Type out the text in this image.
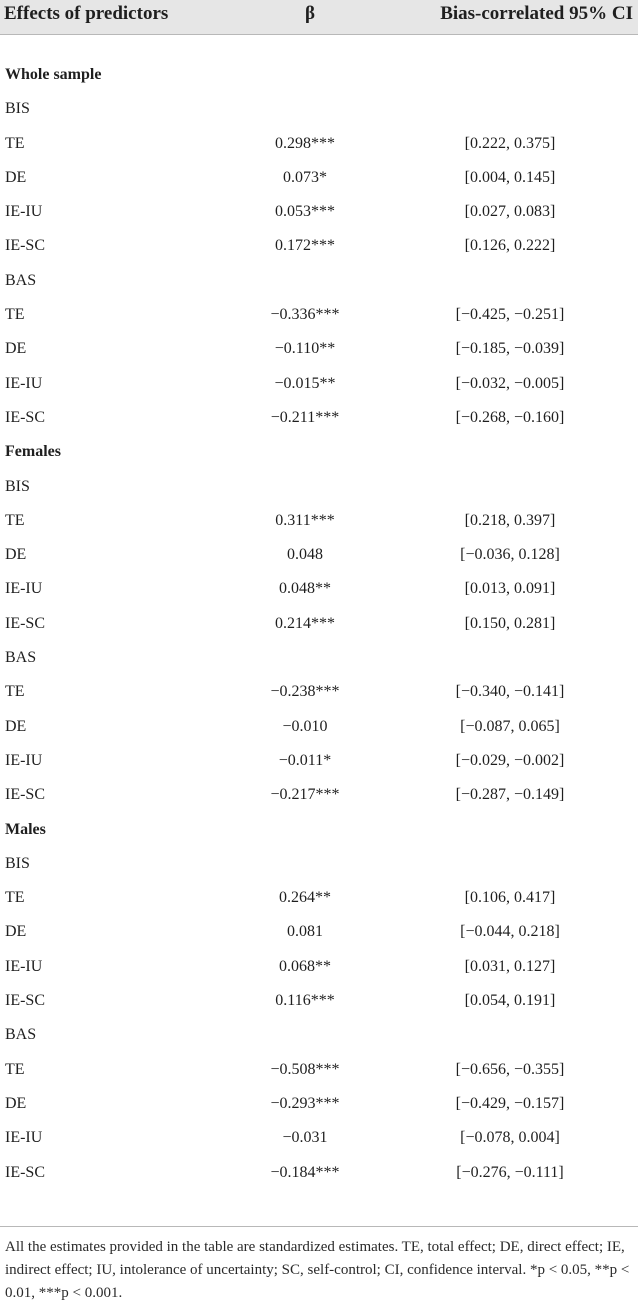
Effects of predictors	β	Bias-correlated 95% CI
Whole sample
BIS
TE	0.298***	[0.222, 0.375]
DE	0.073*	[0.004, 0.145]
IE-IU	0.053***	[0.027, 0.083]
IE-SC	0.172***	[0.126, 0.222]
BAS
TE	−0.336***	[−0.425, −0.251]
DE	−0.110**	[−0.185, −0.039]
IE-IU	−0.015**	[−0.032, −0.005]
IE-SC	−0.211***	[−0.268, −0.160]
Females
BIS
TE	0.311***	[0.218, 0.397]
DE	0.048	[−0.036, 0.128]
IE-IU	0.048**	[0.013, 0.091]
IE-SC	0.214***	[0.150, 0.281]
BAS
TE	−0.238***	[−0.340, −0.141]
DE	−0.010	[−0.087, 0.065]
IE-IU	−0.011*	[−0.029, −0.002]
IE-SC	−0.217***	[−0.287, −0.149]
Males
BIS
TE	0.264**	[0.106, 0.417]
DE	0.081	[−0.044, 0.218]
IE-IU	0.068**	[0.031, 0.127]
IE-SC	0.116***	[0.054, 0.191]
BAS
TE	−0.508***	[−0.656, −0.355]
DE	−0.293***	[−0.429, −0.157]
IE-IU	−0.031	[−0.078, 0.004]
IE-SC	−0.184***	[−0.276, −0.111]
All the estimates provided in the table are standardized estimates. TE, total effect; DE, direct effect; IE, indirect effect; IU, intolerance of uncertainty; SC, self-control; CI, confidence interval. *p < 0.05, **p < 0.01, ***p < 0.001.
